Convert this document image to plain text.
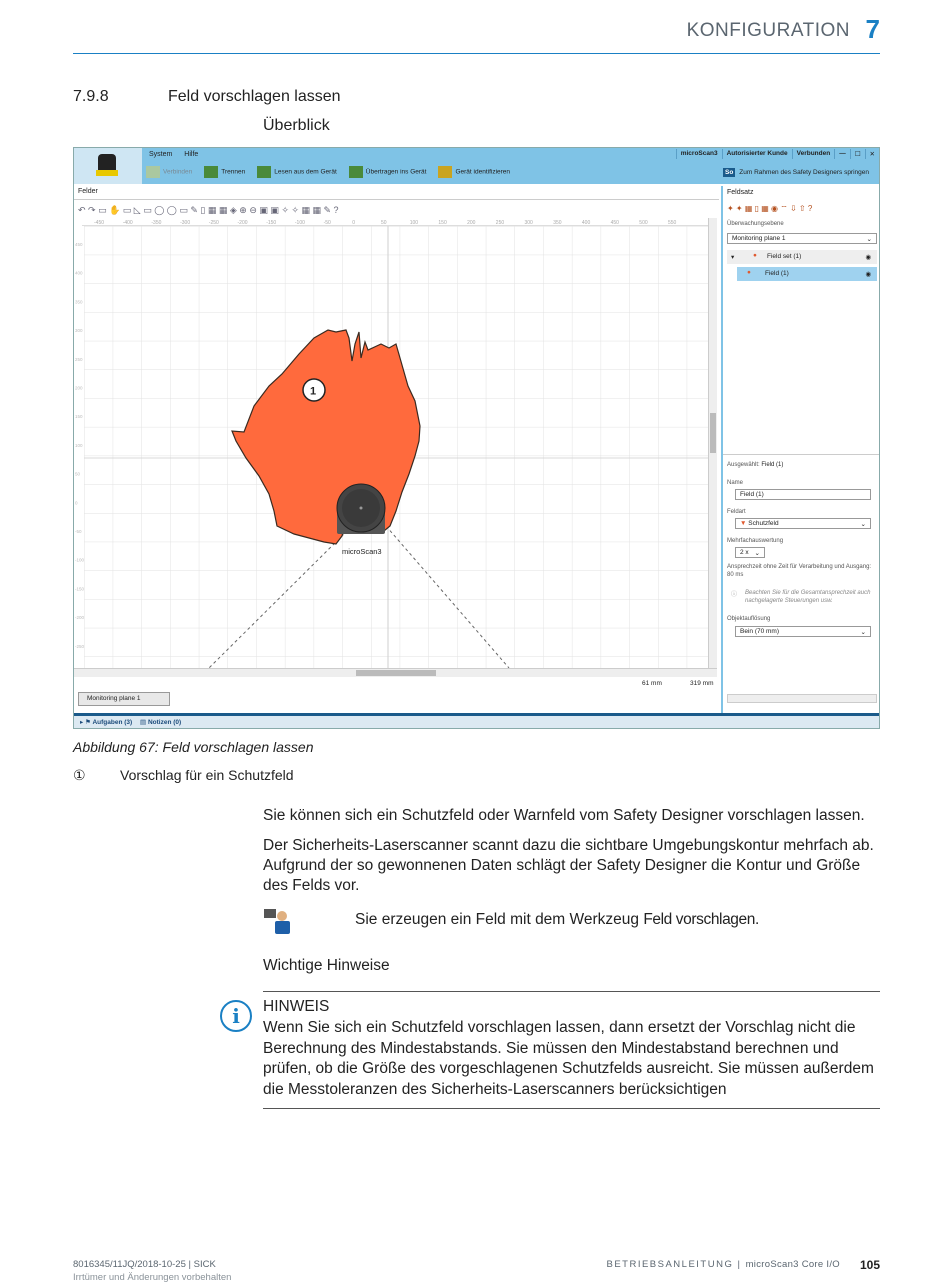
KONFIGURATION 7
7.9.8	Feld vorschlagen lassen
Überblick
System Hilfe	microScan3	Autorisierter Kunde	Verbunden	—	☐	✕
Verbinden	Trennen	Lesen aus dem Gerät	Übertragen ins Gerät	Gerät identifizieren	So Zum Rahmen des Safety Designers springen
Felder
↶ ↷ ▭ ✋ ▭ ◺ ▭ ◯ ◯ ▭ ✎ ▯ ▦ ▦ ◈ ⊕ ⊖ ▣ ▣ ✧ ✧ ▦ ▦ ✎ ?
-450	-400	-350	-300	-250	-200	-150	-100	-50	0	50	100	150	200	250	300	350	400	450	500	550
450
400
350
300
250
200
150
100
50
0
-50
-100
-150
-200
-250
microScan3
1
61 mm	319 mm
Monitoring plane 1
▸ ⚑ Aufgaben (3) ▤ Notizen (0)
Feldsatz
✦ ✦ ▦ ▯ ▦ ◉ ⌔ ⇩ ⇧ ?
Überwachungsebene
Monitoring plane 1	⌄
▾	● Field set (1)	◉
● Field (1)	◉
Ausgewählt: Field (1)
Name
Field (1)
Feldart
▼ Schutzfeld	⌄
Mehrfachauswertung
2 x ⌄
Ansprechzeit ohne Zeit für Verarbeitung und Ausgang: 80 ms
Beachten Sie für die Gesamtansprechzeit auch nachgelagerte Steuerungen usw.
ⓘ
Objektauflösung
Bein (70 mm)	⌄
Abbildung 67: Feld vorschlagen lassen
① Vorschlag für ein Schutzfeld
Sie können sich ein Schutzfeld oder Warnfeld vom Safety Designer vorschlagen lassen.
Der Sicherheits-Laserscanner scannt dazu die sichtbare Umgebungskontur mehrfach ab. Aufgrund der so gewonnenen Daten schlägt der Safety Designer die Kontur und Größe des Felds vor.
Sie erzeugen ein Feld mit dem Werkzeug Feld vorschlagen.
Wichtige Hinweise
i	HINWEIS
Wenn Sie sich ein Schutzfeld vorschlagen lassen, dann ersetzt der Vorschlag nicht die Berechnung des Mindestabstands. Sie müssen den Mindestabstand berechnen und prüfen, ob die Größe des vorgeschlagenen Schutzfelds ausreicht. Sie müssen außerdem die Messtoleranzen des Sicherheits-Laserscanners berücksichtigen
8016345/11JQ/2018-10-25 | SICK
Irrtümer und Änderungen vorbehalten
BETRIEBSANLEITUNG | microScan3 Core I/O 105
